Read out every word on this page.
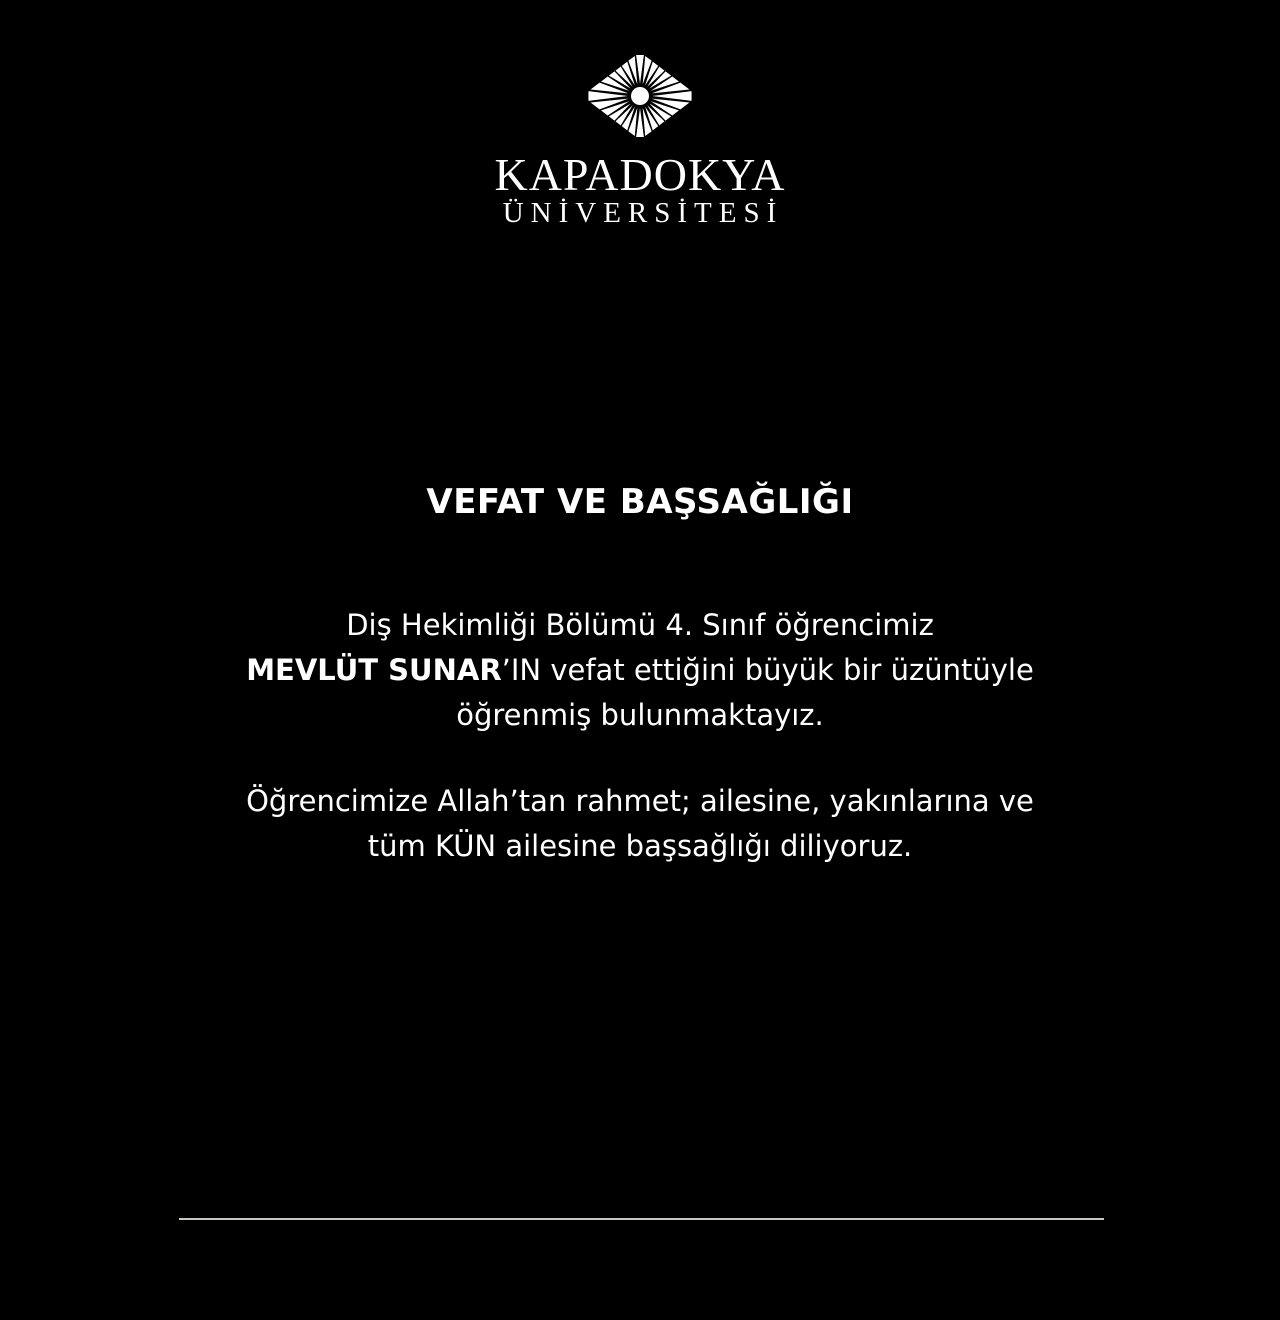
KAPADOKYA
ÜNİVERSİTESİ
VEFAT VE BAŞSAĞLIĞI
Diş Hekimliği Bölümü 4. Sınıf öğrencimiz
MEVLÜT SUNAR’IN vefat ettiğini büyük bir üzüntüyle
öğrenmiş bulunmaktayız.
Öğrencimize Allah’tan rahmet; ailesine, yakınlarına ve
tüm KÜN ailesine başsağlığı diliyoruz.
